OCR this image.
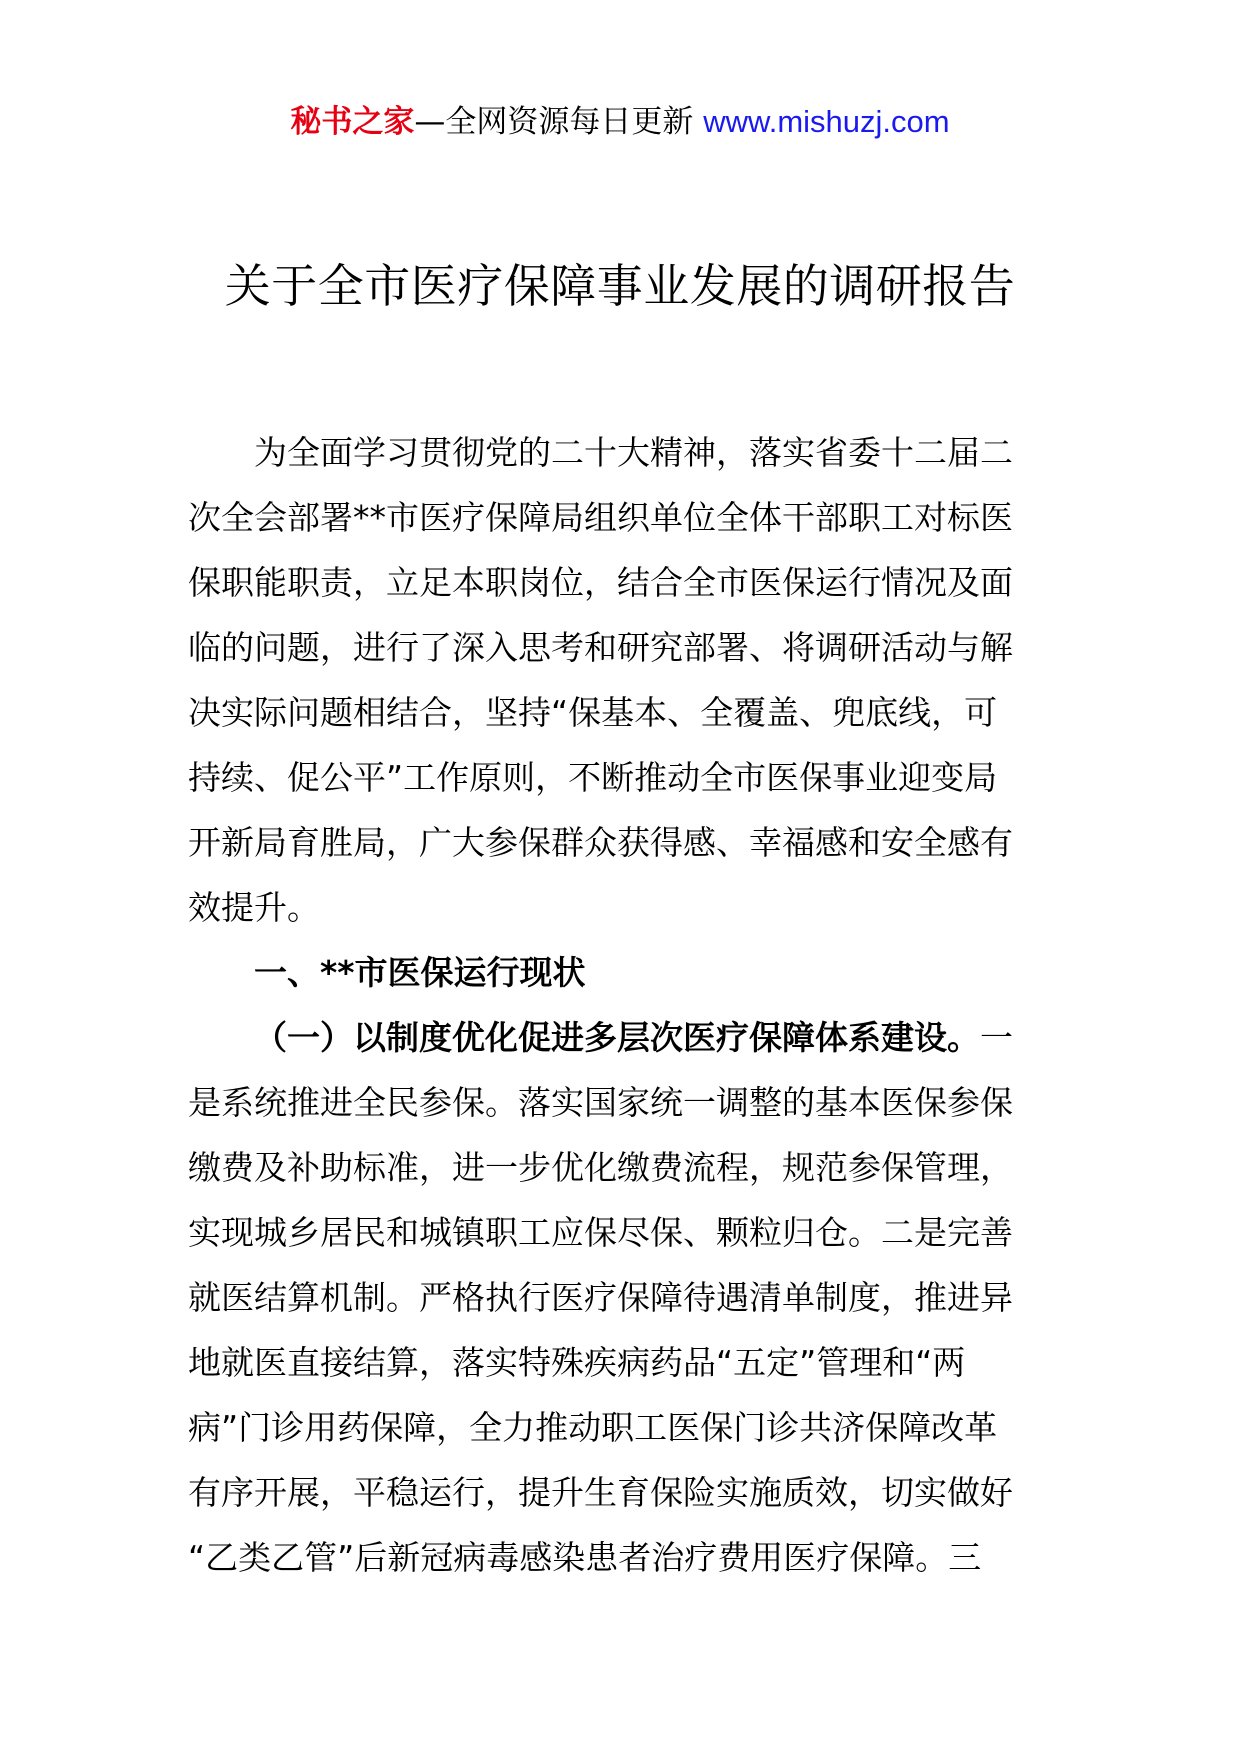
秘书之家—全网资源每日更新 www.mishuzj.com
关于全市医疗保障事业发展的调研报告
为全面学习贯彻党的二十大精神，落实省委十二届二
次全会部署**市医疗保障局组织单位全体干部职工对标医
保职能职责，立足本职岗位，结合全市医保运行情况及面
临的问题，进行了深入思考和研究部署、将调研活动与解
决实际问题相结合，坚持“保基本、全覆盖、兜底线，可
持续、促公平”工作原则，不断推动全市医保事业迎变局
开新局育胜局，广大参保群众获得感、幸福感和安全感有
效提升。
一、**市医保运行现状
（一）以制度优化促进多层次医疗保障体系建设。一
是系统推进全民参保。落实国家统一调整的基本医保参保
缴费及补助标准，进一步优化缴费流程，规范参保管理，
实现城乡居民和城镇职工应保尽保、颗粒归仓。二是完善
就医结算机制。严格执行医疗保障待遇清单制度，推进异
地就医直接结算，落实特殊疾病药品“五定”管理和“两
病”门诊用药保障，全力推动职工医保门诊共济保障改革
有序开展，平稳运行，提升生育保险实施质效，切实做好
“乙类乙管”后新冠病毒感染患者治疗费用医疗保障。三
